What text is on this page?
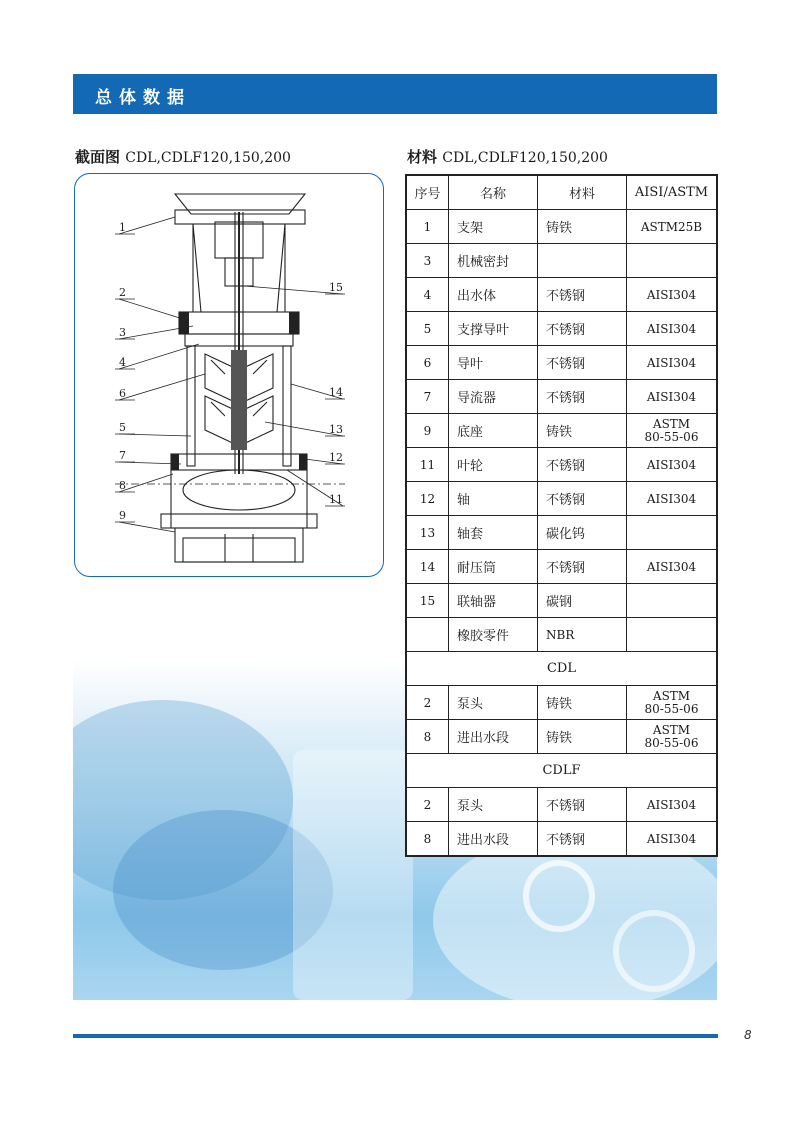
总体数据
截面图 CDL,CDLF120,150,200	材料 CDL,CDLF120,150,200
1
2
3
4
6
5
7
8
9
15
14
13
12
11
序号	名称	材料	AISI/ASTM
1	支架	铸铁	ASTM25B
3	机械密封		
4	出水体	不锈钢	AISI304
5	支撑导叶	不锈钢	AISI304
6	导叶	不锈钢	AISI304
7	导流器	不锈钢	AISI304
9	底座	铸铁	ASTM
80-55-06

11	叶轮	不锈钢	AISI304
12	轴	不锈钢	AISI304
13	轴套	碳化钨	
14	耐压筒	不锈钢	AISI304
15	联轴器	碳钢	
	橡胶零件	NBR	
CDL			
2	泵头	铸铁	ASTM
80-55-06

8	进出水段	铸铁	ASTM
80-55-06

CDLF			
2	泵头	不锈钢	AISI304
8	进出水段	不锈钢	AISI304
8
